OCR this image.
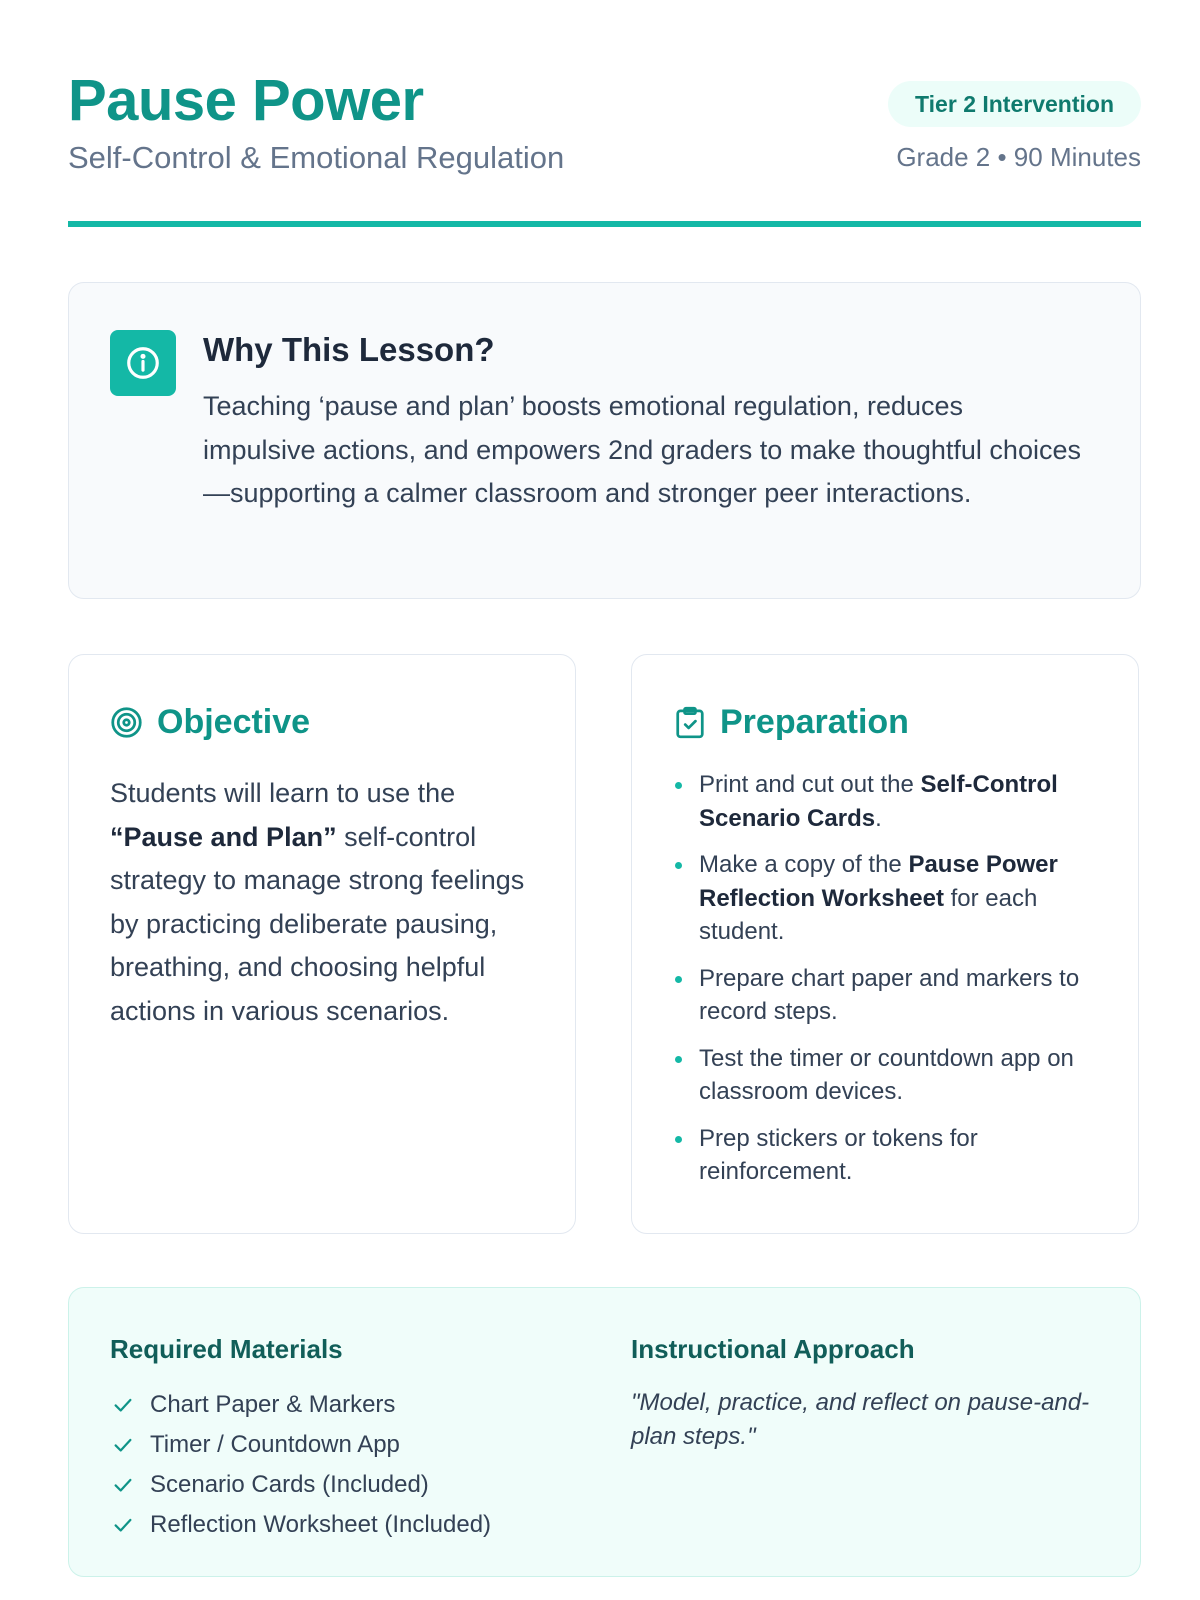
Pause Power
Self-Control & Emotional Regulation
Tier 2 Intervention
Grade 2 • 90 Minutes
Why This Lesson?

Teaching ‘pause and plan’ boosts emotional regulation, reduces impulsive actions, and empowers 2nd graders to make thoughtful choices—supporting a calmer classroom and stronger peer interactions.

Objective

Students will learn to use the “Pause and Plan” self-control strategy to manage strong feelings by practicing deliberate pausing, breathing, and choosing helpful actions in various scenarios.

Preparation
Print and cut out the Self-Control Scenario Cards.
Make a copy of the Pause Power Reflection Worksheet for each student.
Prepare chart paper and markers to record steps.
Test the timer or countdown app on classroom devices.
Prep stickers or tokens for reinforcement.
Required Materials
Chart Paper & Markers
Timer / Countdown App
Scenario Cards (Included)
Reflection Worksheet (Included)
Instructional Approach

"Model, practice, and reflect on pause-and-plan steps."
